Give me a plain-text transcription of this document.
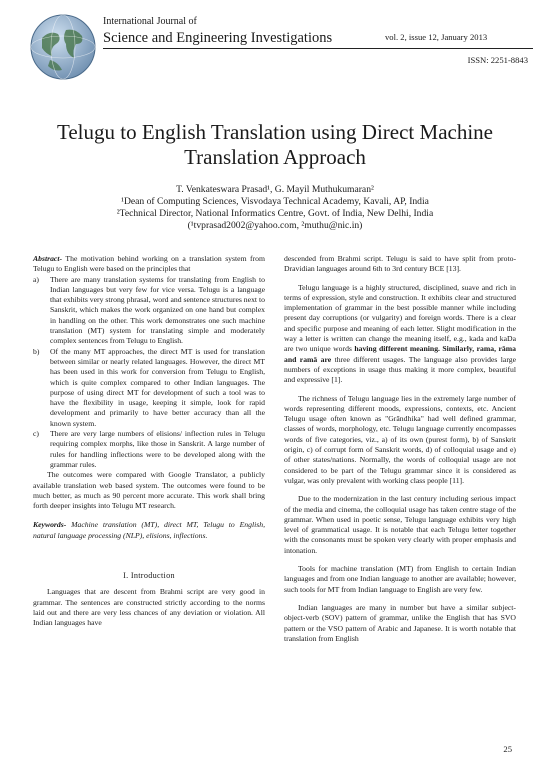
International Journal of
Science and Engineering Investigations	vol. 2, issue 12, January 2013
ISSN: 2251-8843
Telugu to English Translation using Direct Machine Translation Approach
T. Venkateswara Prasad¹, G. Mayil Muthukumaran²
¹Dean of Computing Sciences, Visvodaya Technical Academy, Kavali, AP, India
²Technical Director, National Informatics Centre, Govt. of India, New Delhi, India
(¹tvprasad2002@yahoo.com, ²muthu@nic.in)

Abstract- The motivation behind working on a translation system from Telugu to English were based on the principles that

a) There are many translation systems for translating from English to Indian languages but very few for vice versa. Telugu is a language that exhibits very strong phrasal, word and sentence structures next to Sanskrit, which makes the work organized on one hand but complex in handling on the other. This work demonstrates one such machine translation (MT) system for translating simple and moderately complex sentences from Telugu to English.
b) Of the many MT approaches, the direct MT is used for translation between similar or nearly related languages. However, the direct MT has been used in this work for conversion from Telugu to English, which is quite complex compared to other Indian languages. The purpose of using direct MT for development of such a tool was to have the flexibility in usage, keeping it simple, look for rapid development and primarily to have better accuracy than all the known system.
c) There are very large numbers of elisions/ inflection rules in Telugu requiring complex morphs, like those in Sanskrit. A large number of rules for handling inflections were to be developed along with the grammar rules.

The outcomes were compared with Google Translator, a publicly available translation web based system. The outcomes were found to be much better, as much as 90 percent more accurate. This work shall bring forth deeper insights into Telugu MT research.

Keywords- Machine translation (MT), direct MT, Telugu to English, natural language processing (NLP), elisions, inflections.

I. Introduction

Languages that are descent from Brahmi script are very good in grammar. The sentences are constructed strictly according to the norms laid out and there are very less chances of any deviation or violation. All Indian languages have

descended from Brahmi script. Telugu is said to have split from proto-Dravidian languages around 6th to 3rd century BCE [13].

Telugu language is a highly structured, disciplined, suave and rich in terms of expression, style and construction. It exhibits clear and structured implementation of grammar in the best possible manner while including present day corruptions (or vulgarity) and foreign words. There is a clear and specific purpose and meaning of each letter. Slight modification in the way a letter is written can change the meaning itself, e.g., kada and kaDa are two unique words having different meaning. Similarly, rama, rāma and ramā are three different usages. The language also provides large numbers of exceptions in usage thus making it more complex, beautiful and expressive [1].

The richness of Telugu language lies in the extremely large number of words representing different moods, expressions, contexts, etc. Ancient Telugu usage often known as "Grāndhika" had well defined grammar, classes of words, morphology, etc. Telugu language currently encompasses words of five categories, viz., a) of its own (purest form), b) of Sanskrit origin, c) of corrupt form of Sanskrit words, d) of colloquial usage and e) of other states/nations. Normally, the words of colloquial usage are not considered to be part of the Telugu grammar since it is considered as vulgar, was only prevalent with working class people [11].

Due to the modernization in the last century including serious impact of the media and cinema, the colloquial usage has taken centre stage of the grammar. When used in poetic sense, Telugu language exhibits very high level of grammatical usage. It is notable that each Telugu letter together with the consonants must be spoken very clearly with proper emphasis and intonation.

Tools for machine translation (MT) from English to certain Indian languages and from one Indian language to another are available; however, such tools for MT from Indian language to English are very few.

Indian languages are many in number but have a similar subject-object-verb (SOV) pattern of grammar, unlike the English that has SVO pattern or the VSO pattern of Arabic and Japanese. It is worth notable that translation from English

25
